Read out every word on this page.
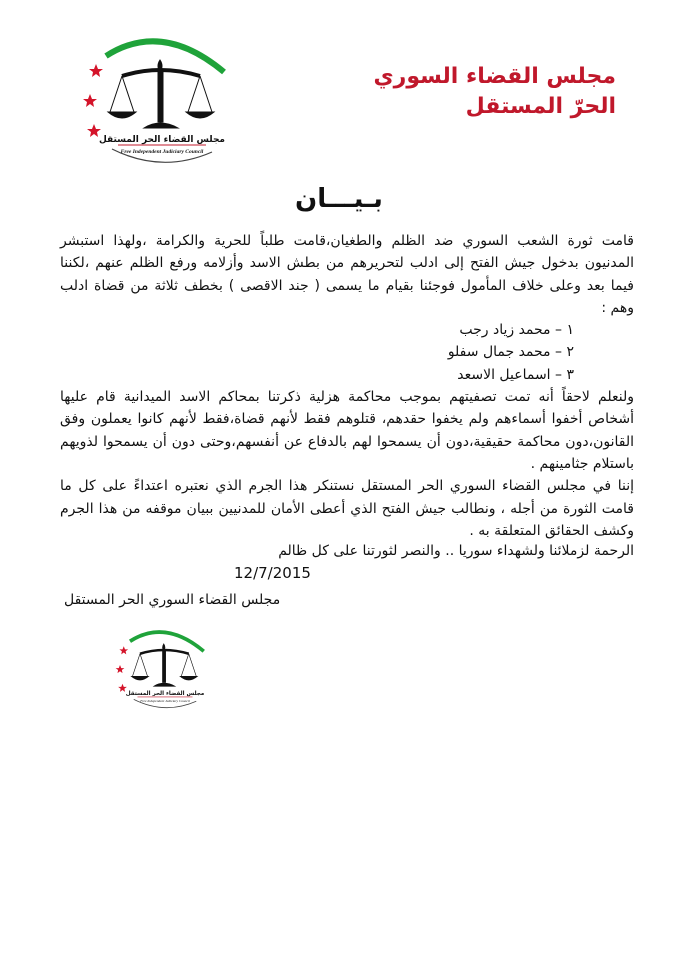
مجلس القضاء الحر المستقل
Free Independent Judiciary Council
مجلس القضاء السوري
الحرّ المستقل
بـيـــان

قامت ثورة الشعب السوري ضد الظلم والطغيان،قامت طلباً للحرية والكرامة ،ولهذا استبشر المدنيون بدخول جيش الفتح إلى ادلب لتحريرهم من بطش الاسد وأزلامه ورفع الظلم عنهم ،لكننا فيما بعد وعلى خلاف المأمول فوجئنا بقيام ما يسمى ( جند الاقصى ) بخطف ثلاثة من قضاة ادلب وهم :

١ – محمد زياد رجب

٢ – محمد جمال سفلو

٣ – اسماعيل الاسعد

ولنعلم لاحقاً أنه تمت تصفيتهم بموجب محاكمة هزلية ذكرتنا بمحاكم الاسد الميدانية قام عليها أشخاص أخفوا أسماءهم ولم يخفوا حقدهم، قتلوهم فقط لأنهم قضاة،فقط لأنهم كانوا يعملون وفق القانون،دون محاكمة حقيقية،دون أن يسمحوا لهم بالدفاع عن أنفسهم،وحتى دون أن يسمحوا لذويهم باستلام جثامينهم .

إننا في مجلس القضاء السوري الحر المستقل نستنكر هذا الجرم الذي نعتبره اعتداءً على كل ما قامت الثورة من أجله ، ونطالب جيش الفتح الذي أعطى الأمان للمدنيين ببيان موقفه من هذا الجرم وكشف الحقائق المتعلقة به .

الرحمة لزملائنا ولشهداء سوريا .. والنصر لثورتنا على كل ظالم
12/7/2015
مجلس القضاء السوري الحر المستقل
مجلس القضاء الحر المستقل
Free Independent Judiciary Council
